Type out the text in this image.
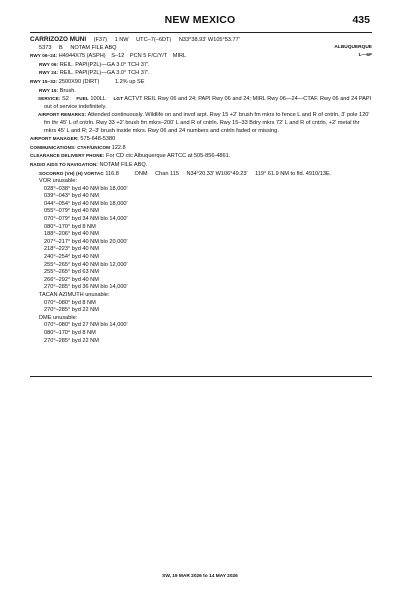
NEW MEXICO	435
ALBUQUERQUE
L—6F
CARRIZOZO MUNI (F37) 1 NW UTC–7(–6DT) N33°38.93′ W105°53.77′
5373 B NOTAM FILE ABQ
RWY 06–24: H4944X75 (ASPH) S–12 PCN 5 F/C/Y/T MIRL
RWY 06: REIL. PAPI(P2L)—GA 3.0° TCH 37′.
RWY 24: REIL. PAPI(P2L)—GA 3.0° TCH 37′.
RWY 15–33: 2500X90 (DIRT)	1.2% up SE
RWY 15: Brush.
SERVICE: S2 FUEL 100LL LGT ACTVT REIL Rwy 06 and 24; PAPI Rwy 06 and 24; MIRL Rwy 06—24—CTAF. Rwy 06 and 24 PAPI out of service indefinitely.
AIRPORT REMARKS: Attended continuously. Wildlife on and invof arpt. Rwy 15 +2′ brush fm mkrs to fence L and R of cntrln, 3′ pole 120′ fm thr 45′ L of cntrln. Rwy 33 +2′ brush fm mkrs–200′ L and R of cntrln. Rwy 15–33 Bdry mkrs 72′ L and R of cntrln, +2′ metal thr mkrs 45′ L and R; 2–3′ brush inside mkrs. Rwy 06 and 24 numbers and cntrln faded or missing.
AIRPORT MANAGER: 575-648-5380
COMMUNICATIONS: CTAF/UNICOM 122.8
CLEARANCE DELIVERY PHONE: For CD ctc Albuquerque ARTCC at 505-856-4861.
RADIO AIDS TO NAVIGATION: NOTAM FILE ABQ.
SOCORRO (VH) (H) VORTAC 116.8	ONM Chan 115 N34°20.33′ W106°49.23′ 119° 61.9 NM to fld. 4910/13E.
VOR unusable:
028°–038° byd 40 NM blo 18,000′
039°–043° byd 40 NM
044°–054° byd 40 NM blo 18,000′
055°–079° byd 40 NM
070°–079° byd 34 NM blo 14,000′
080°–170° byd 8 NM
188°–206° byd 40 NM
207°–217° byd 40 NM blo 20,000′
218°–223° byd 40 NM
240°–254° byd 40 NM
255°–265° byd 40 NM blo 12,000′
255°–265° byd 63 NM
266°–292° byd 40 NM
270°–285° byd 36 NM blo 14,000′
TACAN AZIMUTH unusable:
070°–080° byd 8 NM
270°–285° byd 22 NM
DME unusable:
070°–080° byd 27 NM blo 14,000′
080°–170° byd 8 NM
270°–285° byd 22 NM
SW, 19 MAR 2026 to 14 MAY 2026
